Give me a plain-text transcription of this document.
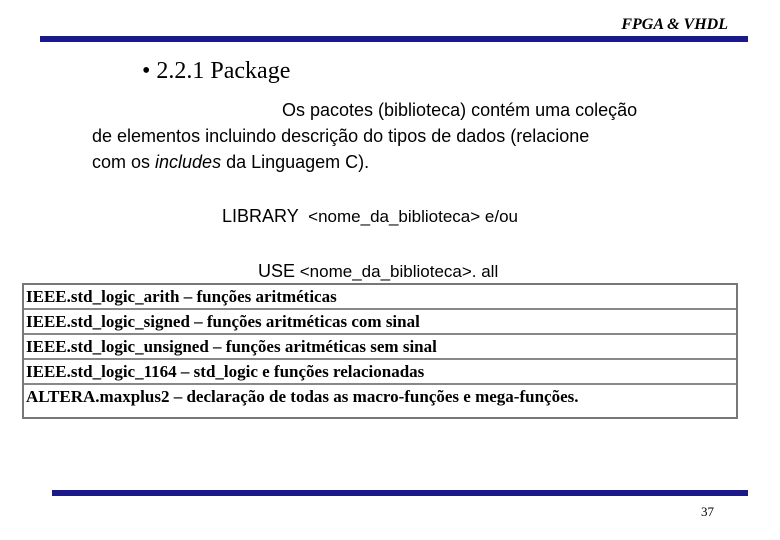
FPGA & VHDL
• 2.2.1 Package
Os pacotes (biblioteca) contém uma coleção
de elementos incluindo descrição do tipos de dados (relacione
com os includes da Linguagem C).
LIBRARY <nome_da_biblioteca> e/ou
USE <nome_da_biblioteca>. all
IEEE.std_logic_arith – funções aritméticas
IEEE.std_logic_signed – funções aritméticas com sinal
IEEE.std_logic_unsigned – funções aritméticas sem sinal
IEEE.std_logic_1164 – std_logic e funções relacionadas
ALTERA.maxplus2 – declaração de todas as macro-funções e mega-funções.
37
